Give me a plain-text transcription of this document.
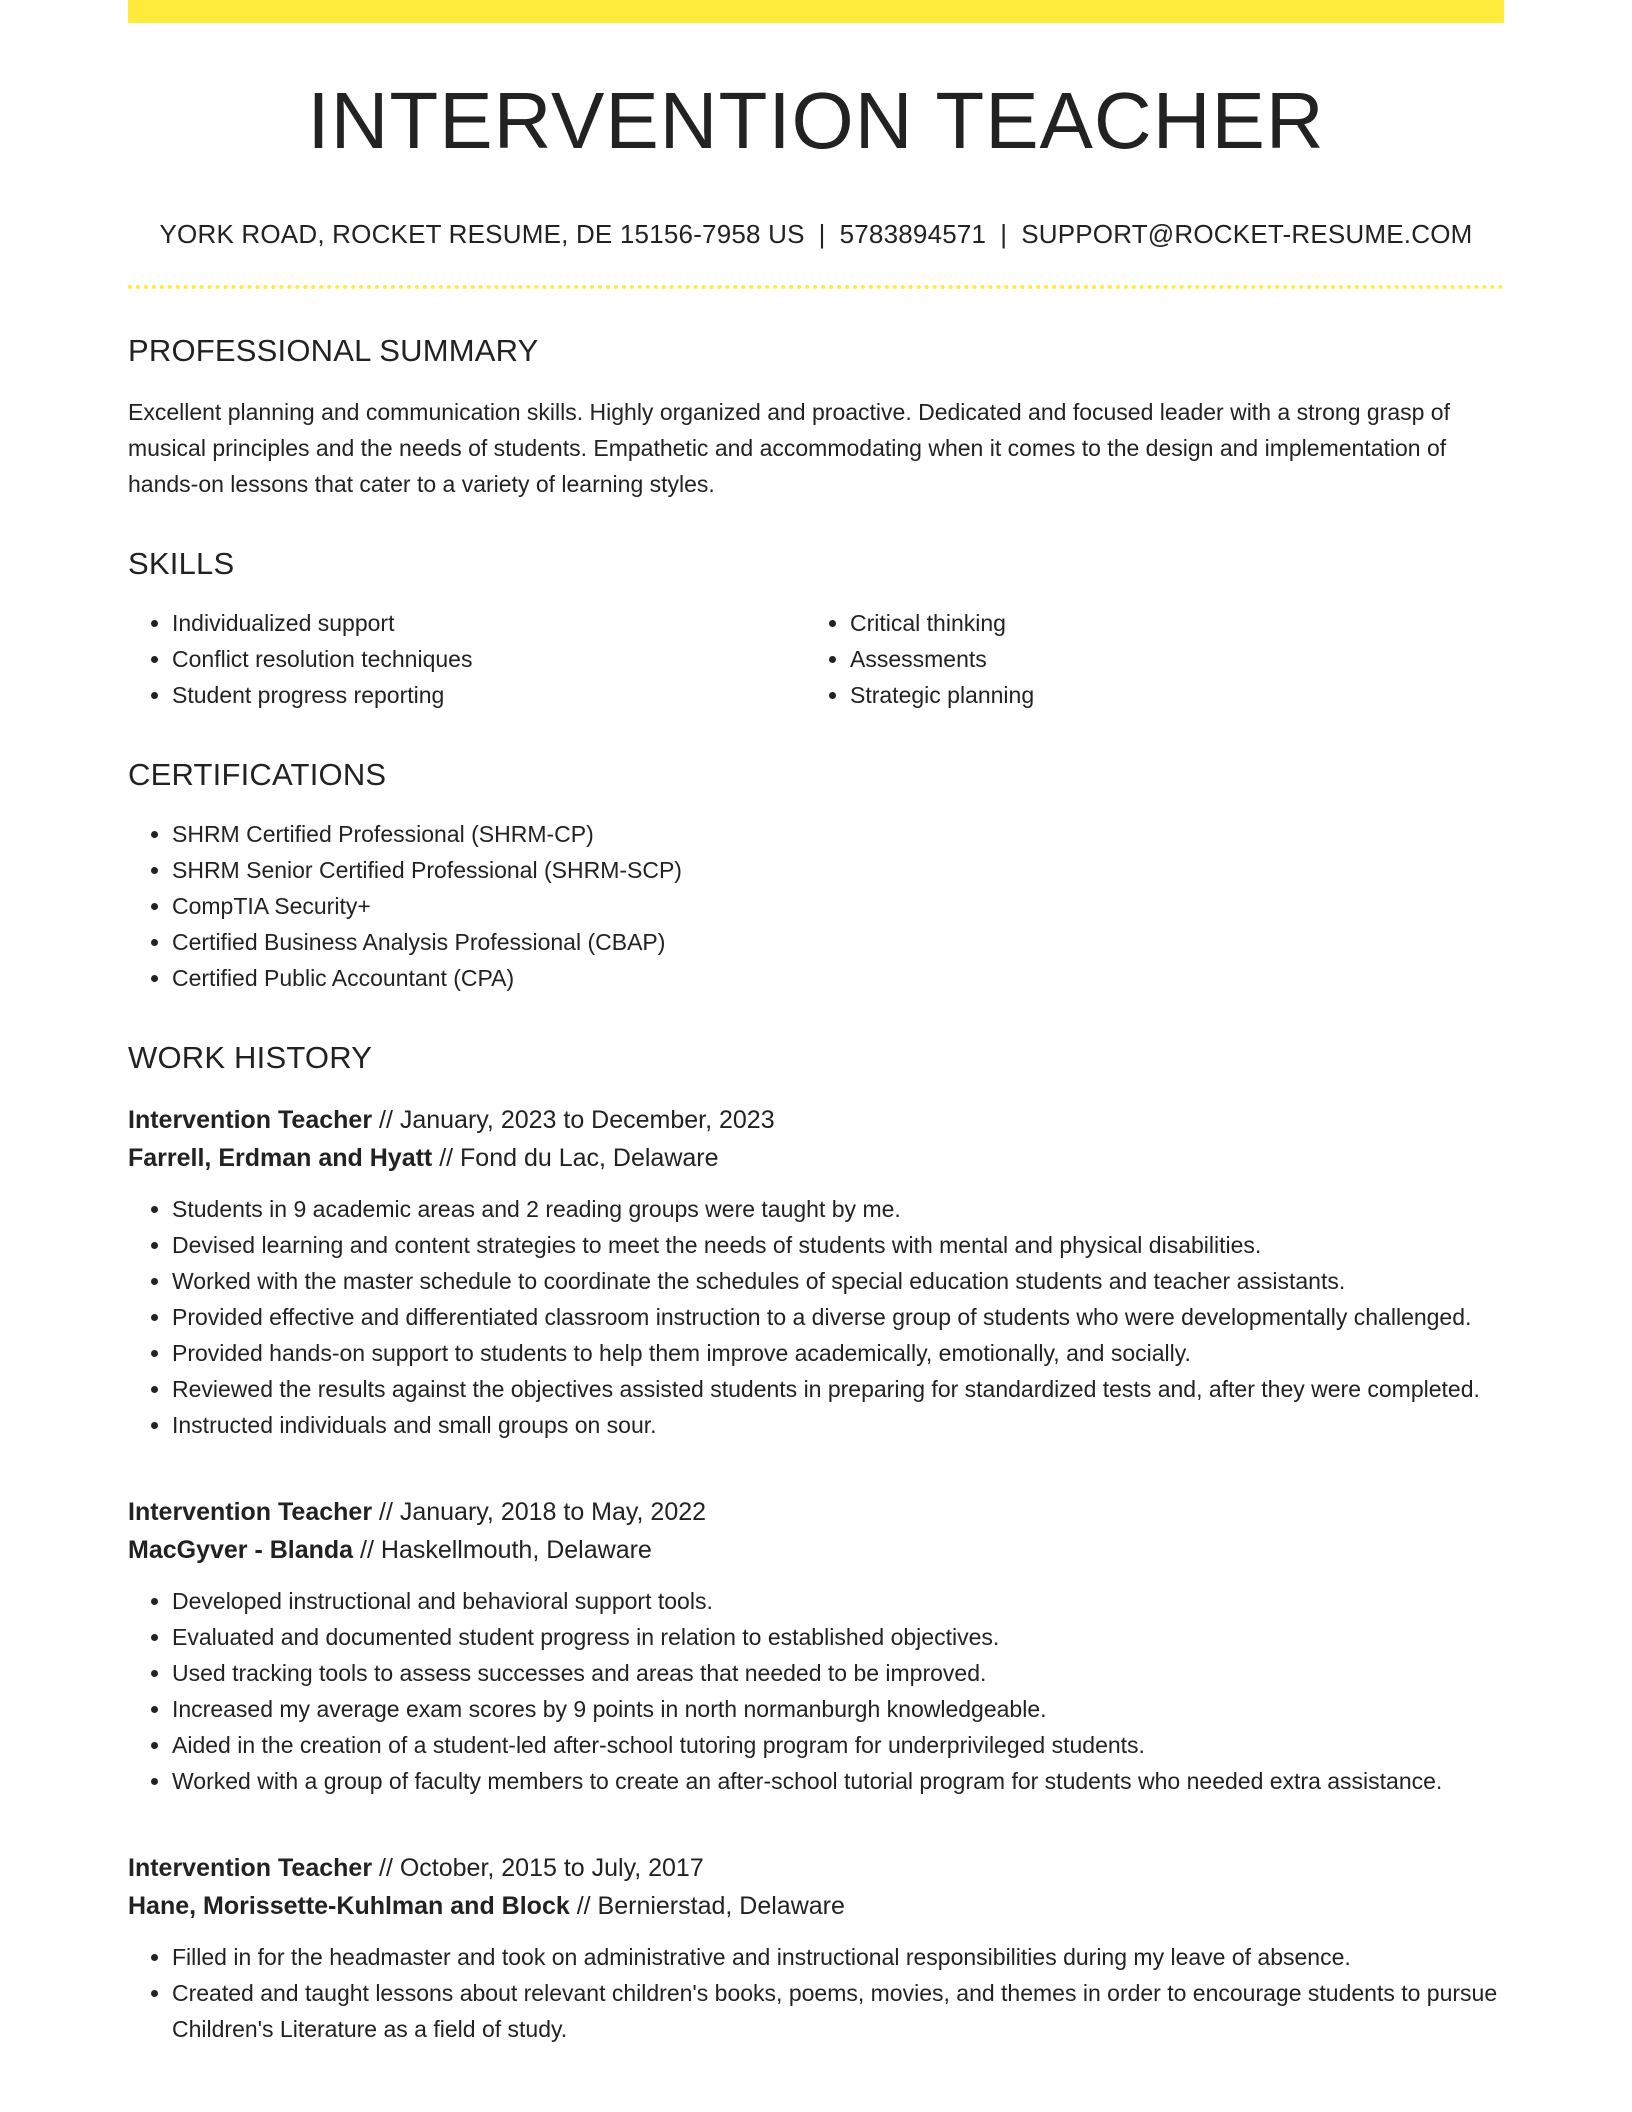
INTERVENTION TEACHER
YORK ROAD, ROCKET RESUME, DE 15156-7958 US | 5783894571 | SUPPORT@ROCKET-RESUME.COM
PROFESSIONAL SUMMARY

Excellent planning and communication skills. Highly organized and proactive. Dedicated and focused leader with a strong grasp of musical principles and the needs of students. Empathetic and accommodating when it comes to the design and implementation of hands-on lessons that cater to a variety of learning styles.

SKILLS
• Individualized support
• Conflict resolution techniques
• Student progress reporting
• Critical thinking
• Assessments
• Strategic planning
CERTIFICATIONS
• SHRM Certified Professional (SHRM-CP)
• SHRM Senior Certified Professional (SHRM-SCP)
• CompTIA Security+
• Certified Business Analysis Professional (CBAP)
• Certified Public Accountant (CPA)
WORK HISTORY
Intervention Teacher // January, 2023 to December, 2023
Farrell, Erdman and Hyatt // Fond du Lac, Delaware
• Students in 9 academic areas and 2 reading groups were taught by me.
• Devised learning and content strategies to meet the needs of students with mental and physical disabilities.
• Worked with the master schedule to coordinate the schedules of special education students and teacher assistants.
• Provided effective and differentiated classroom instruction to a diverse group of students who were developmentally challenged.
• Provided hands-on support to students to help them improve academically, emotionally, and socially.
• Reviewed the results against the objectives assisted students in preparing for standardized tests and, after they were completed.
• Instructed individuals and small groups on sour.
Intervention Teacher // January, 2018 to May, 2022
MacGyver - Blanda // Haskellmouth, Delaware
• Developed instructional and behavioral support tools.
• Evaluated and documented student progress in relation to established objectives.
• Used tracking tools to assess successes and areas that needed to be improved.
• Increased my average exam scores by 9 points in north normanburgh knowledgeable.
• Aided in the creation of a student-led after-school tutoring program for underprivileged students.
• Worked with a group of faculty members to create an after-school tutorial program for students who needed extra assistance.
Intervention Teacher // October, 2015 to July, 2017
Hane, Morissette-Kuhlman and Block // Bernierstad, Delaware
• Filled in for the headmaster and took on administrative and instructional responsibilities during my leave of absence.
• Created and taught lessons about relevant children's books, poems, movies, and themes in order to encourage students to pursue Children's Literature as a field of study.
